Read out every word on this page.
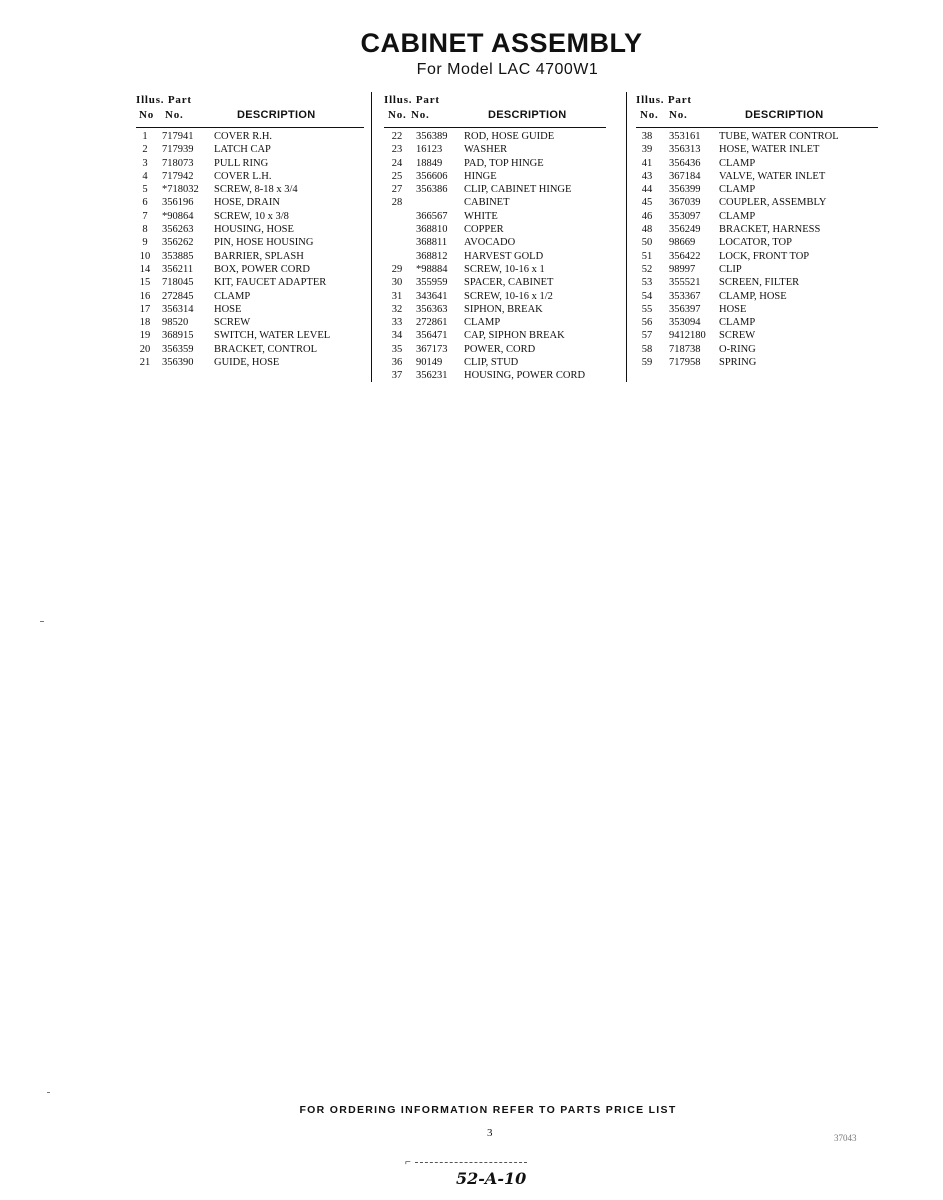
CABINET ASSEMBLY
For Model LAC 4700W1
Illus. Part
No No.	DESCRIPTION
1	717941 COVER R.H.
2	717939 LATCH CAP
3	718073 PULL RING
4	717942 COVER L.H.
5	*718032 SCREW, 8-18 x 3/4
6	356196 HOSE, DRAIN
7	*90864 SCREW, 10 x 3/8
8	356263 HOUSING, HOSE
9	356262 PIN, HOSE HOUSING
10 353885 BARRIER, SPLASH
14 356211 BOX, POWER CORD
15 718045 KIT, FAUCET ADAPTER
16 272845 CLAMP
17 356314 HOSE
18 98520 SCREW
19 368915 SWITCH, WATER LEVEL
20 356359 BRACKET, CONTROL
21 356390 GUIDE, HOSE
Illus. Part
No. No.	DESCRIPTION
22 356389 ROD, HOSE GUIDE
23 16123 WASHER
24 18849 PAD, TOP HINGE
25 356606 HINGE
27 356386 CLIP, CABINET HINGE
28	CABINET
366567 WHITE
368810 COPPER
368811 AVOCADO
368812 HARVEST GOLD
29 *98884 SCREW, 10-16 x 1
30 355959 SPACER, CABINET
31 343641 SCREW, 10-16 x 1/2
32 356363 SIPHON, BREAK
33 272861 CLAMP
34 356471 CAP, SIPHON BREAK
35 367173 POWER, CORD
36 90149 CLIP, STUD
37 356231 HOUSING, POWER CORD
Illus. Part
No. No.	DESCRIPTION
38 353161 TUBE, WATER CONTROL
39 356313 HOSE, WATER INLET
41 356436 CLAMP
43 367184 VALVE, WATER INLET
44 356399 CLAMP
45 367039 COUPLER, ASSEMBLY
46 353097 CLAMP
48 356249 BRACKET, HARNESS
50 98669 LOCATOR, TOP
51 356422 LOCK, FRONT TOP
52 98997 CLIP
53 355521 SCREEN, FILTER
54 353367 CLAMP, HOSE
55 356397 HOSE
56 353094 CLAMP
57 9412180 SCREW
58 718738 O-RING
59 717958 SPRING
FOR ORDERING INFORMATION REFER TO PARTS PRICE LIST
3	37043
⌐
52-A-10
